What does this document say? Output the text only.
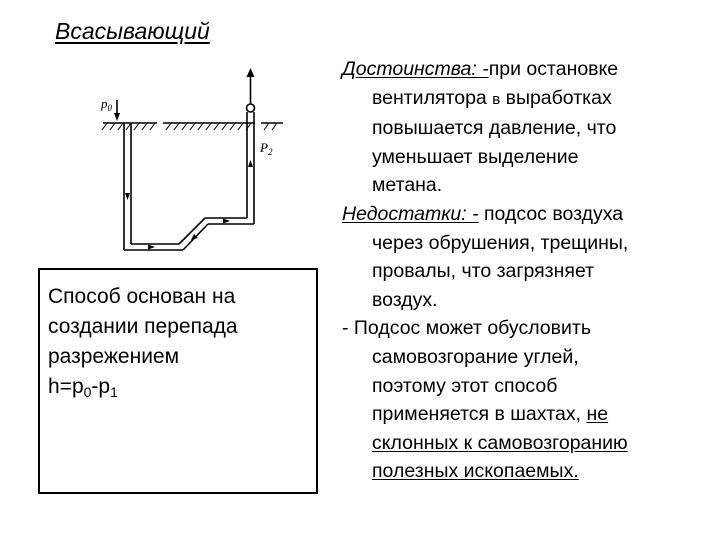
Всасывающий
$p_0$
$P_2$
Способ основан на
создании перепада
разрежением
$h=p_0-p_1$
Достоинства: -при остановке
вентилятора в выработках
повышается давление, что
уменьшает выделение
метана.
Недостатки: - подсос воздуха
через обрушения, трещины,
провалы, что загрязняет
воздух.
- Подсос может обусловить
самовозгорание углей,
поэтому этот способ
применяется в шахтах, не
склонных к самовозгоранию
полезных ископаемых.
